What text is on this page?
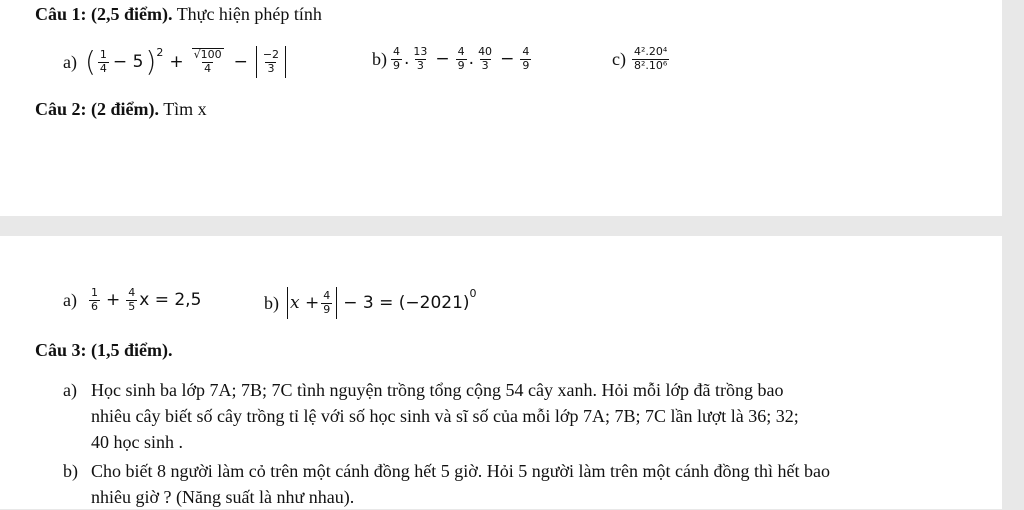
Câu 1: (2,5 điểm). Thực hiện phép tính
a) ( $\frac{1}{4} - 5$ ) $2 + \frac{√100}{4} - \frac{-2}{3}$	$b) \frac{4}{9}$ . $\frac{13}{3} - \frac{4}{9}$ . $\frac{40}{3} - \frac{4}{9}$	$c) \frac{\text{4².20⁴}}{\text{8².10⁶}}$
Câu 2: (2 điểm). Tìm x
$a) \frac{1}{6} + \frac{4}{5}$ x = 2,5	b) $x + \frac{4}{9} - 3 = (-2021)$ 0
Câu 3: (1,5 điểm).
a) Học sinh ba lớp 7A; 7B; 7C tình nguyện trồng tổng cộng 54 cây xanh. Hỏi mỗi lớp đã trồng bao
nhiêu cây biết số cây trồng tỉ lệ với số học sinh và sĩ số của mỗi lớp 7A; 7B; 7C lần lượt là 36; 32;
40 học sinh .
b) Cho biết 8 người làm cỏ trên một cánh đồng hết 5 giờ. Hỏi 5 người làm trên một cánh đồng thì hết bao
nhiêu giờ ? (Năng suất là như nhau).
